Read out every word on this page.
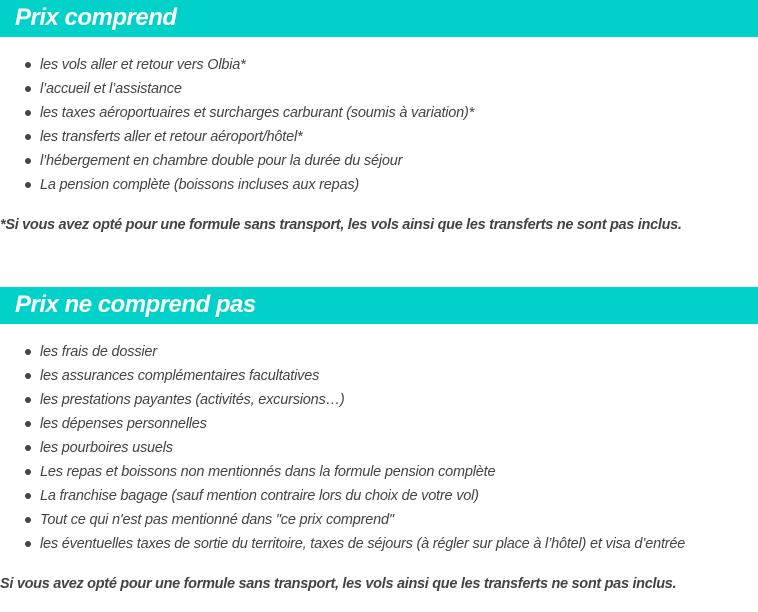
Prix comprend
les vols aller et retour vers Olbia*
l’accueil et l’assistance
les taxes aéroportuaires et surcharges carburant (soumis à variation)*
les transferts aller et retour aéroport/hôtel*
l’hébergement en chambre double pour la durée du séjour
La pension complète (boissons incluses aux repas)
*Si vous avez opté pour une formule sans transport, les vols ainsi que les transferts ne sont pas inclus.
Prix ne comprend pas
les frais de dossier
les assurances complémentaires facultatives
les prestations payantes (activités, excursions…)
les dépenses personnelles
les pourboires usuels
Les repas et boissons non mentionnés dans la formule pension complète
La franchise bagage (sauf mention contraire lors du choix de votre vol)
Tout ce qui n'est pas mentionné dans "ce prix comprend"
les éventuelles taxes de sortie du territoire, taxes de séjours (à régler sur place à l’hôtel) et visa d’entrée
Si vous avez opté pour une formule sans transport, les vols ainsi que les transferts ne sont pas inclus.
